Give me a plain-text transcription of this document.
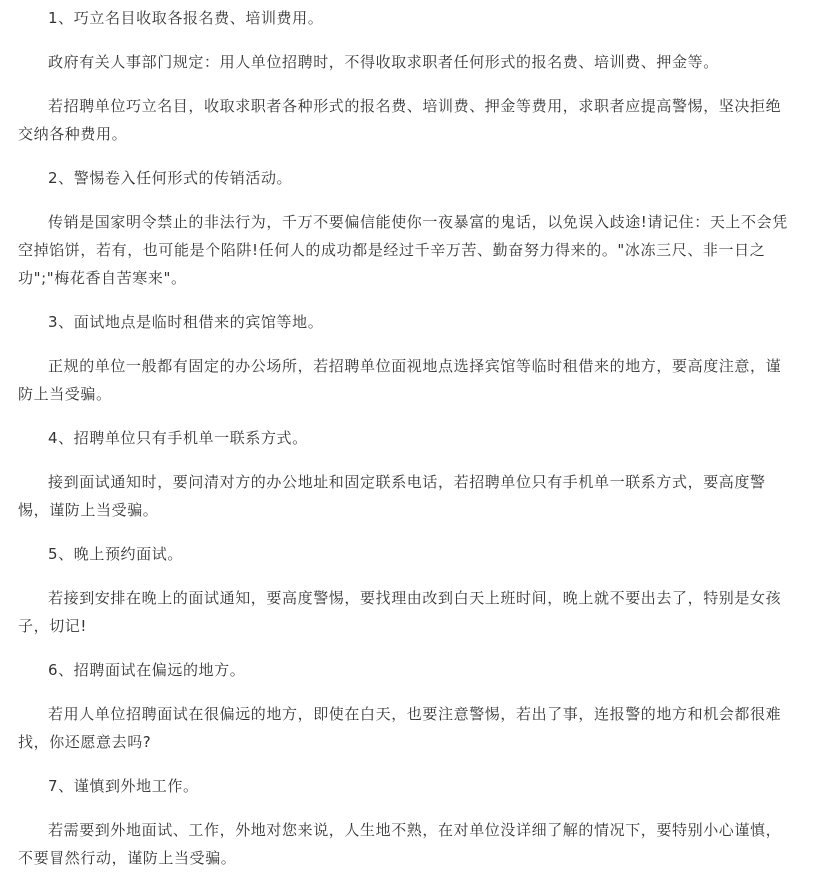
1、巧立名目收取各报名费、培训费用。

政府有关人事部门规定：用人单位招聘时，不得收取求职者任何形式的报名费、培训费、押金等。

若招聘单位巧立名目，收取求职者各种形式的报名费、培训费、押金等费用，求职者应提高警惕，坚决拒绝交纳各种费用。

2、警惕卷入任何形式的传销活动。

传销是国家明令禁止的非法行为，千万不要偏信能使你一夜暴富的鬼话，以免误入歧途!请记住：天上不会凭空掉馅饼，若有，也可能是个陷阱!任何人的成功都是经过千辛万苦、勤奋努力得来的。"冰冻三尺、非一日之功";"梅花香自苦寒来"。

3、面试地点是临时租借来的宾馆等地。

正规的单位一般都有固定的办公场所，若招聘单位面视地点选择宾馆等临时租借来的地方，要高度注意，谨防上当受骗。

4、招聘单位只有手机单一联系方式。

接到面试通知时，要问清对方的办公地址和固定联系电话，若招聘单位只有手机单一联系方式，要高度警惕，谨防上当受骗。

5、晚上预约面试。

若接到安排在晚上的面试通知，要高度警惕，要找理由改到白天上班时间，晚上就不要出去了，特别是女孩子，切记!

6、招聘面试在偏远的地方。

若用人单位招聘面试在很偏远的地方，即使在白天，也要注意警惕，若出了事，连报警的地方和机会都很难找，你还愿意去吗?

7、谨慎到外地工作。

若需要到外地面试、工作，外地对您来说，人生地不熟，在对单位没详细了解的情况下，要特别小心谨慎，不要冒然行动，谨防上当受骗。
